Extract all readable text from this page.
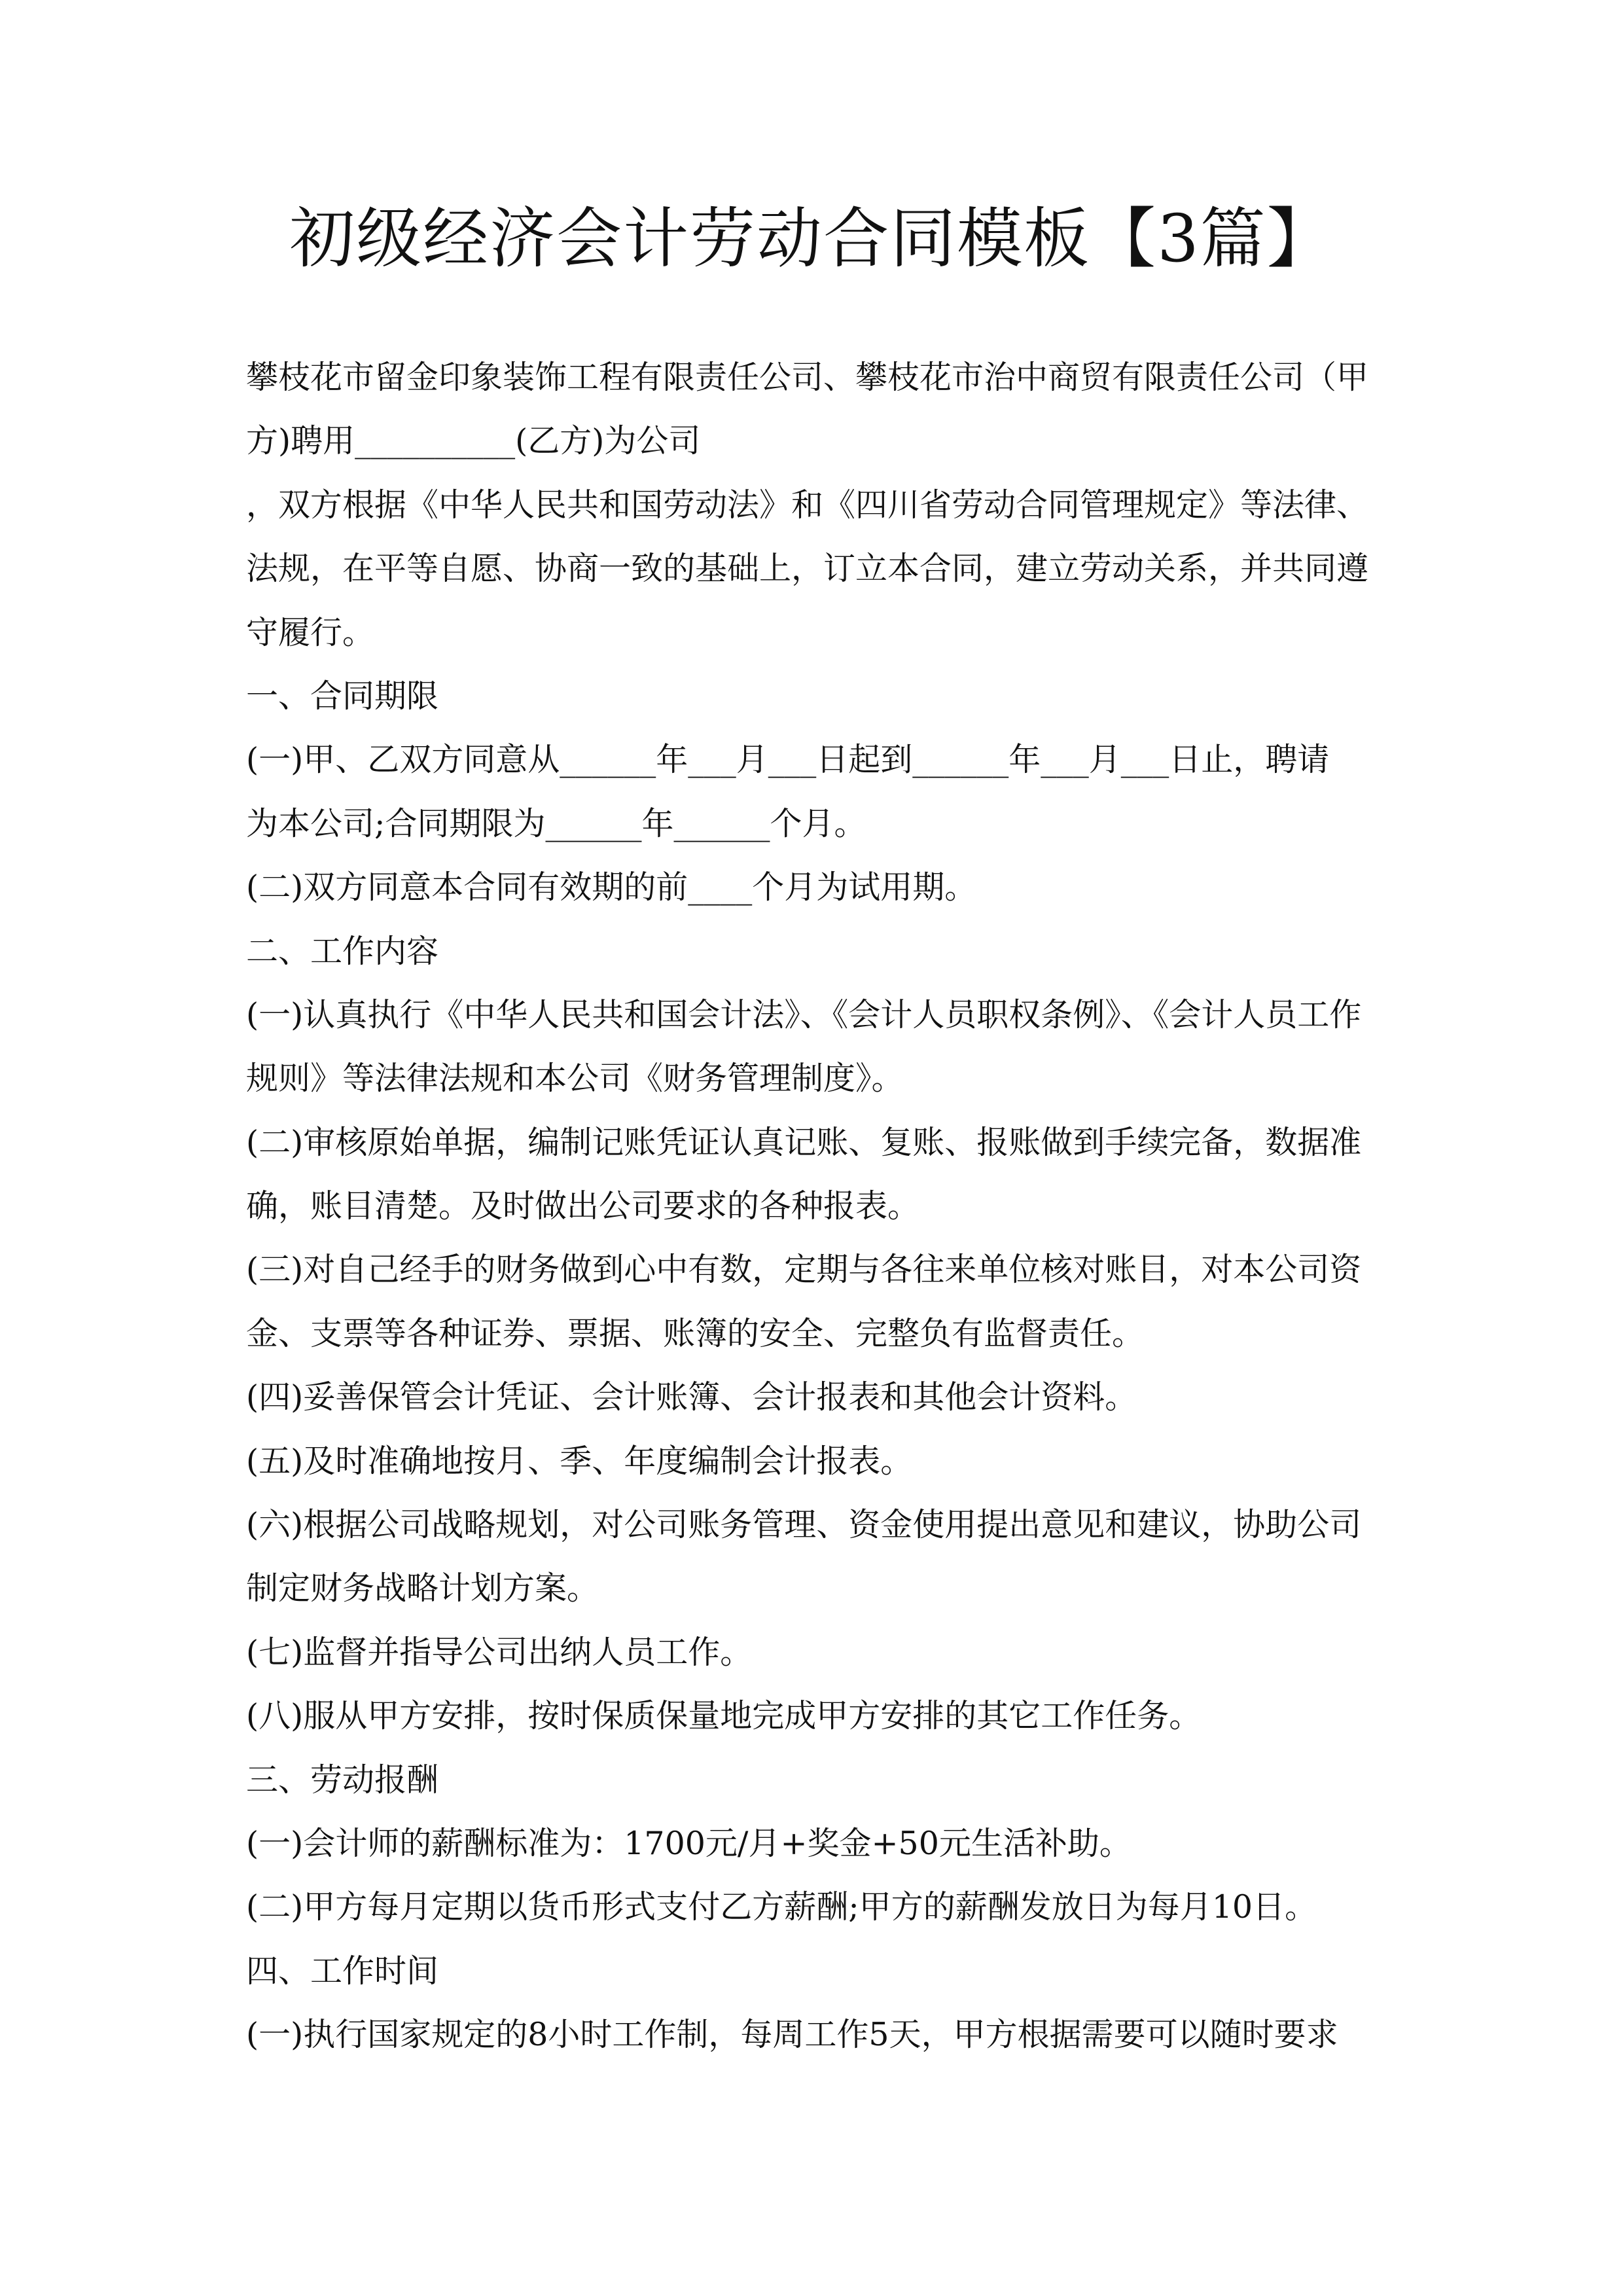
初级经济会计劳动合同模板【3篇】
攀枝花市留金印象装饰工程有限责任公司、攀枝花市治中商贸有限责任公司（甲
方)聘用__________(乙方)为公司
，双方根据《中华人民共和国劳动法》和《四川省劳动合同管理规定》等法律、
法规，在平等自愿、协商一致的基础上，订立本合同，建立劳动关系，并共同遵
守履行。
一、合同期限
(一)甲、乙双方同意从______年___月___日起到______年___月___日止，聘请
为本公司;合同期限为______年______个月。
(二)双方同意本合同有效期的前____个月为试用期。
二、工作内容
(一)认真执行《中华人民共和国会计法》、《会计人员职权条例》、《会计人员工作
规则》等法律法规和本公司《财务管理制度》。
(二)审核原始单据，编制记账凭证认真记账、复账、报账做到手续完备，数据准
确，账目清楚。及时做出公司要求的各种报表。
(三)对自己经手的财务做到心中有数，定期与各往来单位核对账目，对本公司资
金、支票等各种证券、票据、账簿的安全、完整负有监督责任。
(四)妥善保管会计凭证、会计账簿、会计报表和其他会计资料。
(五)及时准确地按月、季、年度编制会计报表。
(六)根据公司战略规划，对公司账务管理、资金使用提出意见和建议，协助公司
制定财务战略计划方案。
(七)监督并指导公司出纳人员工作。
(八)服从甲方安排，按时保质保量地完成甲方安排的其它工作任务。
三、劳动报酬
(一)会计师的薪酬标准为：1700元/月+奖金+50元生活补助。
(二)甲方每月定期以货币形式支付乙方薪酬;甲方的薪酬发放日为每月10日。
四、工作时间
(一)执行国家规定的8小时工作制，每周工作5天，甲方根据需要可以随时要求
